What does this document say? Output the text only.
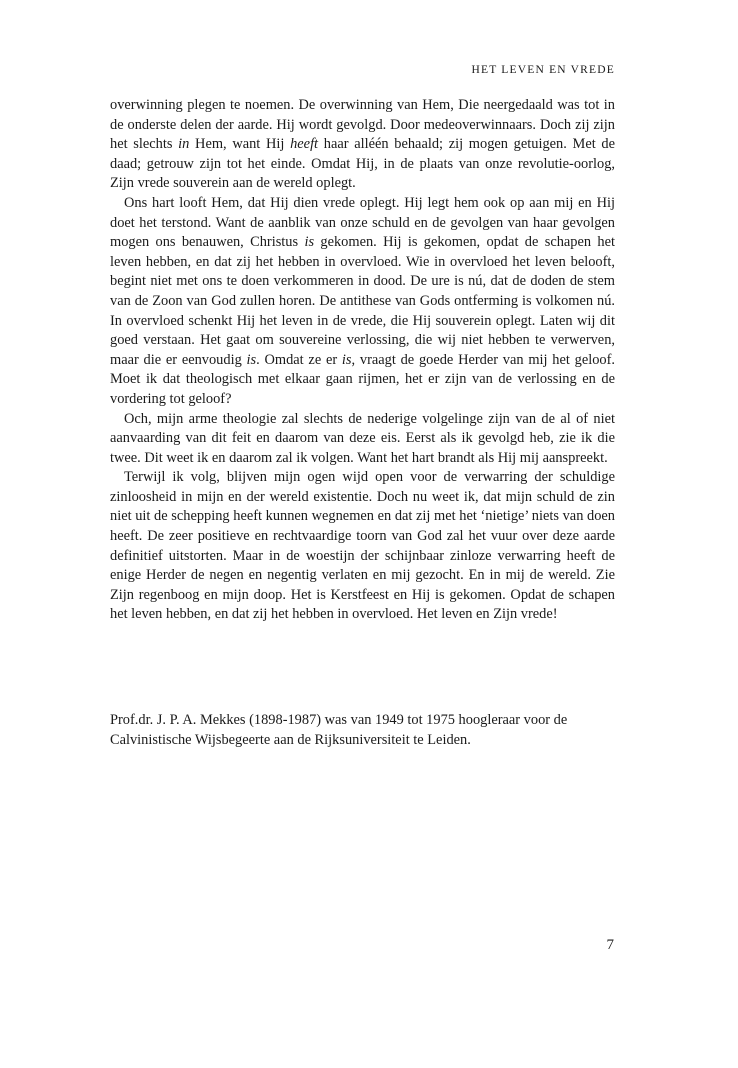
HET LEVEN EN VREDE

overwinning plegen te noemen. De overwinning van Hem, Die neergedaald was tot in de onderste delen der aarde. Hij wordt gevolgd. Door medeoverwinnaars. Doch zij zijn het slechts in Hem, want Hij heeft haar alléén behaald; zij mogen getuigen. Met de daad; getrouw zijn tot het einde. Omdat Hij, in de plaats van onze revolutie-oorlog, Zijn vrede souverein aan de wereld oplegt.

Ons hart looft Hem, dat Hij dien vrede oplegt. Hij legt hem ook op aan mij en Hij doet het terstond. Want de aanblik van onze schuld en de gevolgen van haar gevolgen mogen ons benauwen, Christus is gekomen. Hij is gekomen, opdat de schapen het leven hebben, en dat zij het hebben in overvloed. Wie in overvloed het leven belooft, begint niet met ons te doen verkommeren in dood. De ure is nú, dat de doden de stem van de Zoon van God zullen horen. De antithese van Gods ontferming is volkomen nú. In overvloed schenkt Hij het leven in de vrede, die Hij souverein oplegt. Laten wij dit goed verstaan. Het gaat om souvereine verlossing, die wij niet hebben te verwerven, maar die er eenvoudig is. Omdat ze er is, vraagt de goede Herder van mij het geloof. Moet ik dat theologisch met elkaar gaan rijmen, het er zijn van de verlossing en de vordering tot geloof?

Och, mijn arme theologie zal slechts de nederige volgelinge zijn van de al of niet aanvaarding van dit feit en daarom van deze eis. Eerst als ik gevolgd heb, zie ik die twee. Dit weet ik en daarom zal ik volgen. Want het hart brandt als Hij mij aanspreekt.

Terwijl ik volg, blijven mijn ogen wijd open voor de verwarring der schuldige zinloosheid in mijn en der wereld existentie. Doch nu weet ik, dat mijn schuld de zin niet uit de schepping heeft kunnen wegnemen en dat zij met het ‘nietige’ niets van doen heeft. De zeer positieve en rechtvaardige toorn van God zal het vuur over deze aarde definitief uitstorten. Maar in de woestijn der schijnbaar zinloze verwarring heeft de enige Herder de negen en negentig verlaten en mij gezocht. En in mij de wereld. Zie Zijn regenboog en mijn doop. Het is Kerstfeest en Hij is gekomen. Opdat de schapen het leven hebben, en dat zij het hebben in overvloed. Het leven en Zijn vrede!

Prof.dr. J. P. A. Mekkes (1898-1987) was van 1949 tot 1975 hoogleraar voor de Calvinistische Wijsbegeerte aan de Rijksuniversiteit te Leiden.
7
